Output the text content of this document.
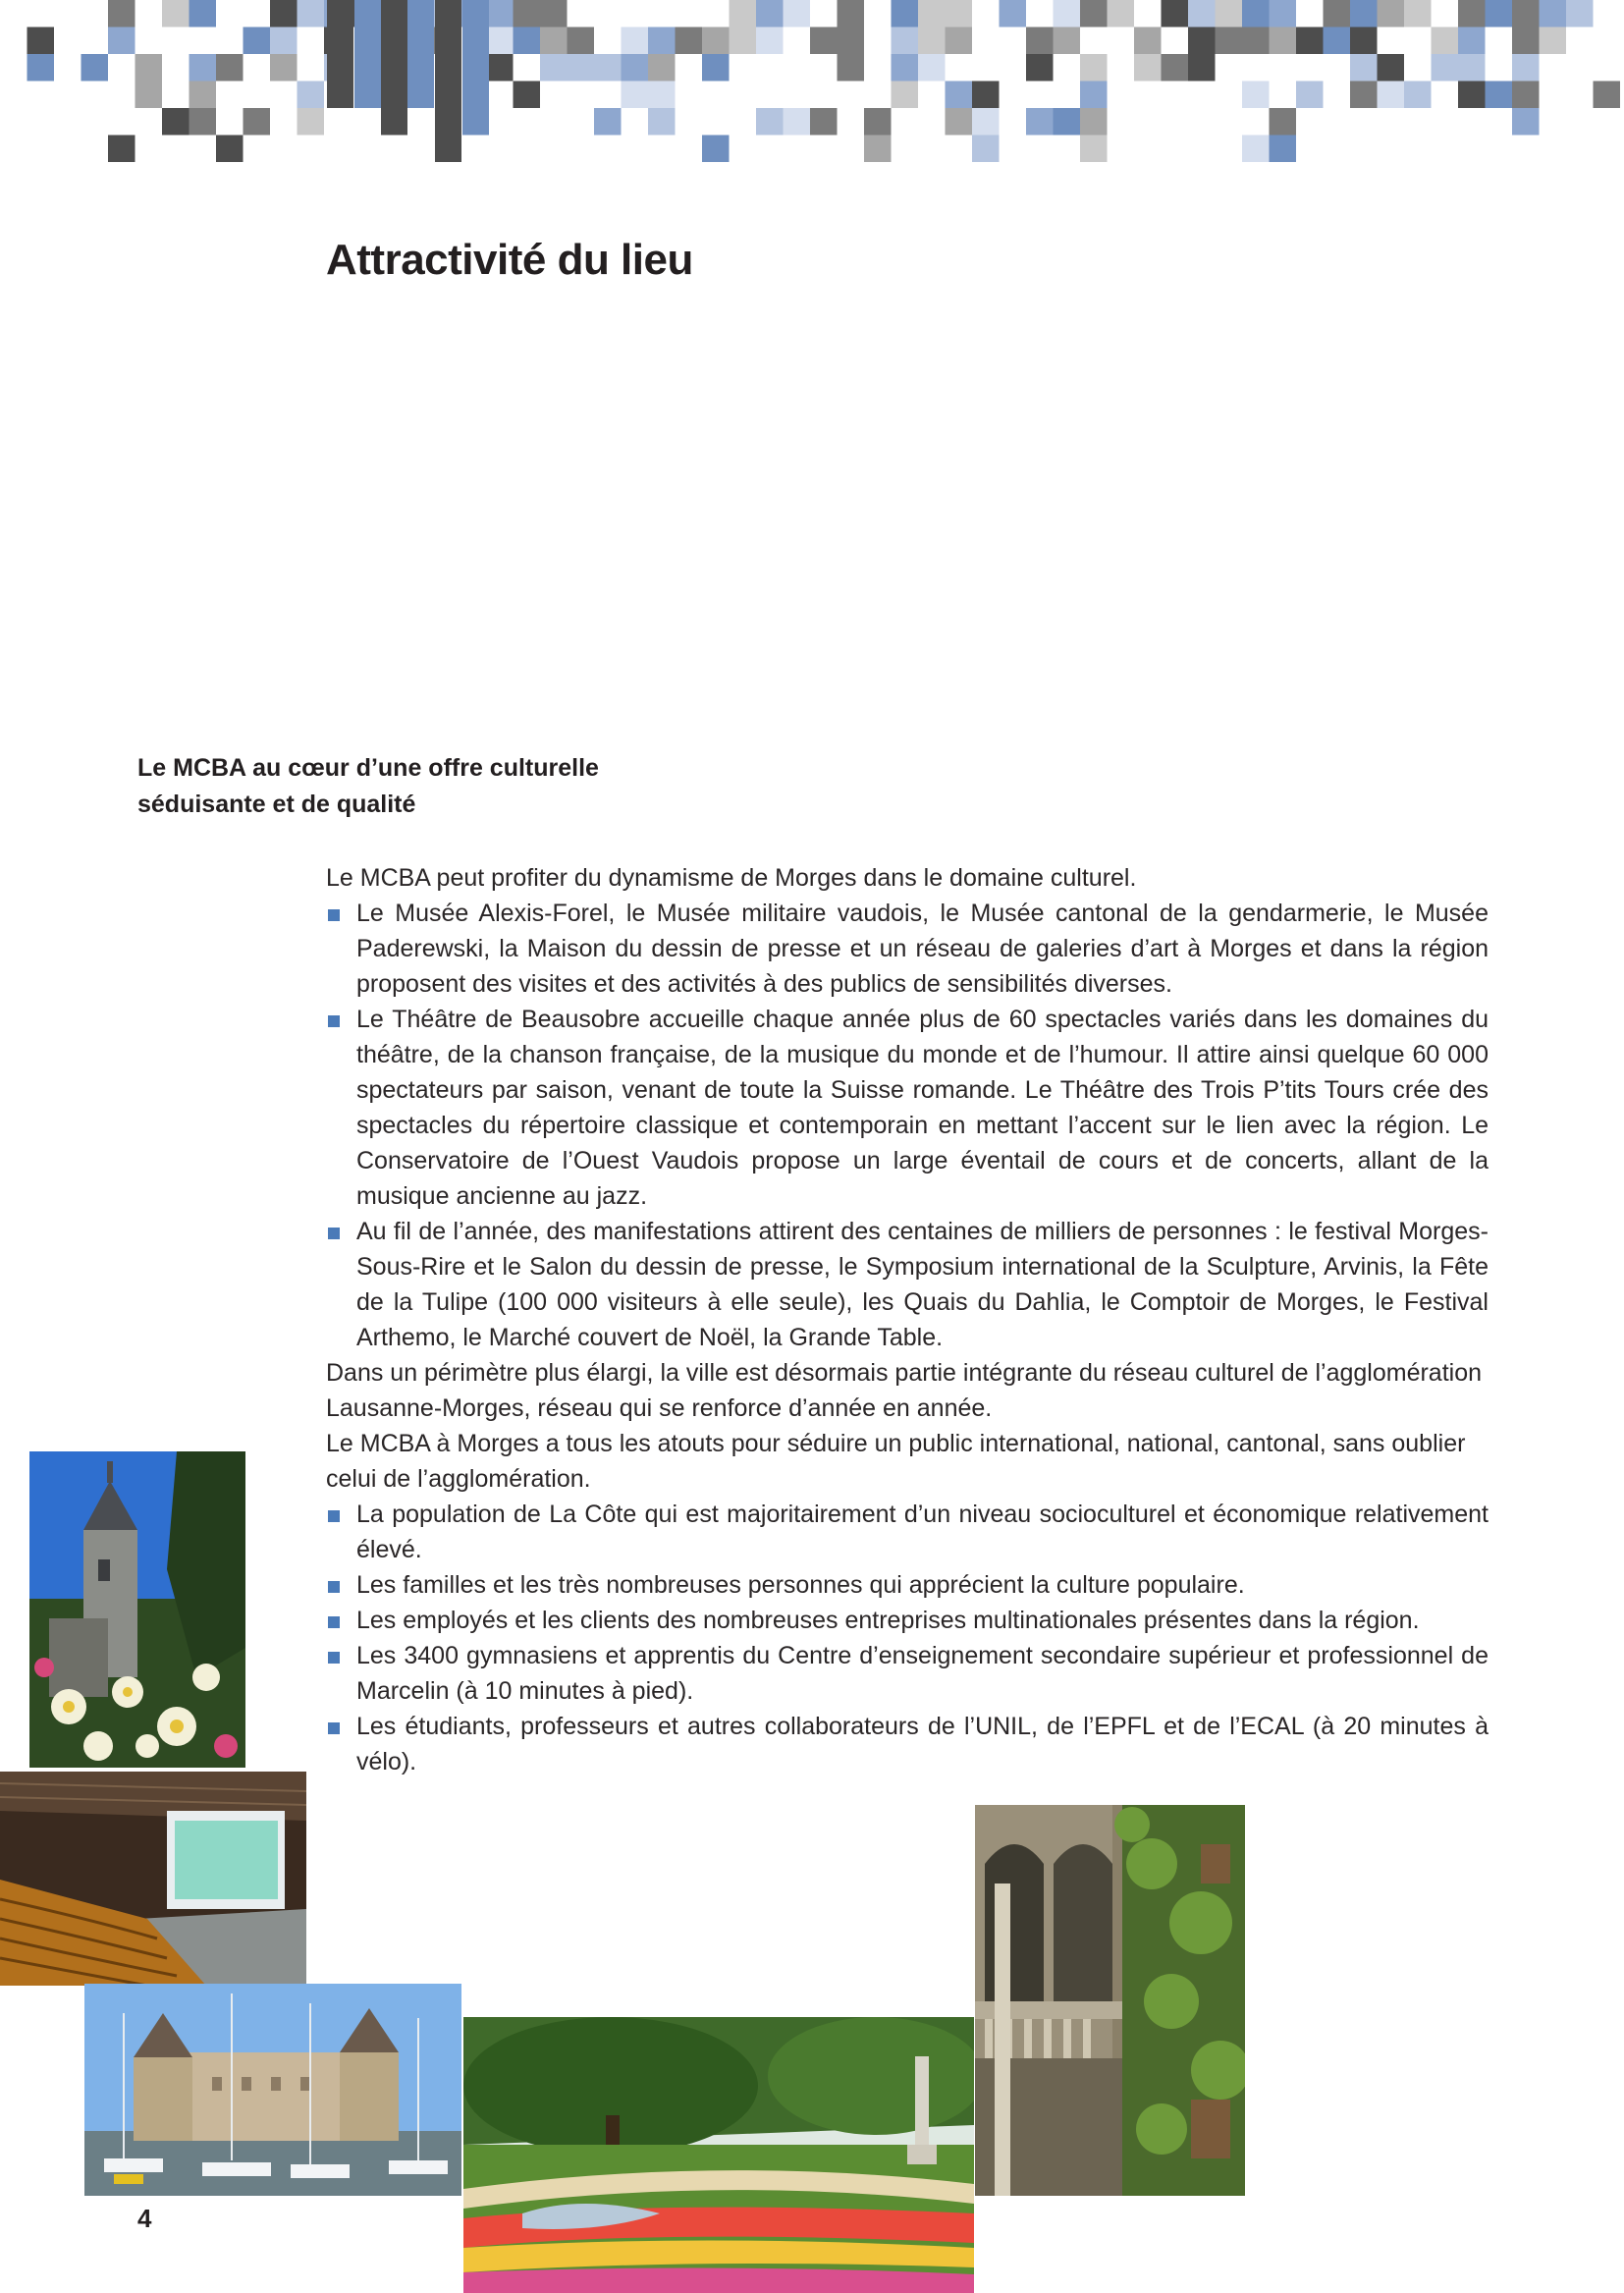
Attractivité du lieu
Le MCBA au cœur d’une offre culturelle
séduisante et de qualité

Le MCBA peut profiter du dynamisme de Morges dans le domaine culturel.

Le Musée Alexis-Forel, le Musée militaire vaudois, le Musée cantonal de la gendarmerie, le Musée Paderewski, la Maison du dessin de presse et un réseau de galeries d’art à Morges et dans la région proposent des visites et des activités à des publics de sensibilités diverses.
Le Théâtre de Beausobre accueille chaque année plus de 60 spectacles variés dans les domaines du théâtre, de la chanson française, de la musique du monde et de l’humour. Il attire ainsi quelque 60 000 spectateurs par saison, venant de toute la Suisse romande. Le Théâtre des Trois P’tits Tours crée des spectacles du répertoire classique et contemporain en mettant l’accent sur le lien avec la région. Le Conservatoire de l’Ouest Vaudois propose un large éventail de cours et de concerts, allant de la musique ancienne au jazz.
Au fil de l’année, des manifestations attirent des centaines de milliers de personnes : le festival Morges-Sous-Rire et le Salon du dessin de presse, le Symposium international de la Sculpture, Arvinis, la Fête de la Tulipe (100 000 visiteurs à elle seule), les Quais du Dahlia, le Comptoir de Morges, le Festival Arthemo, le Marché couvert de Noël, la Grande Table.

Dans un périmètre plus élargi, la ville est désormais partie intégrante du réseau culturel de l’agglomération Lausanne-Morges, réseau qui se renforce d’année en année.

Le MCBA à Morges a tous les atouts pour séduire un public international, national, cantonal, sans oublier celui de l’agglomération.

La population de La Côte qui est majoritairement d’un niveau socioculturel et économique relativement élevé.
Les familles et les très nombreuses personnes qui apprécient la culture populaire.
Les employés et les clients des nombreuses entreprises multinationales présentes dans la région.
Les 3400 gymnasiens et apprentis du Centre d’enseignement secondaire supérieur et professionnel de Marcelin (à 10 minutes à pied).
Les étudiants, professeurs et autres collaborateurs de l’UNIL, de l’EPFL et de l’ECAL (à 20 minutes à vélo).
4
